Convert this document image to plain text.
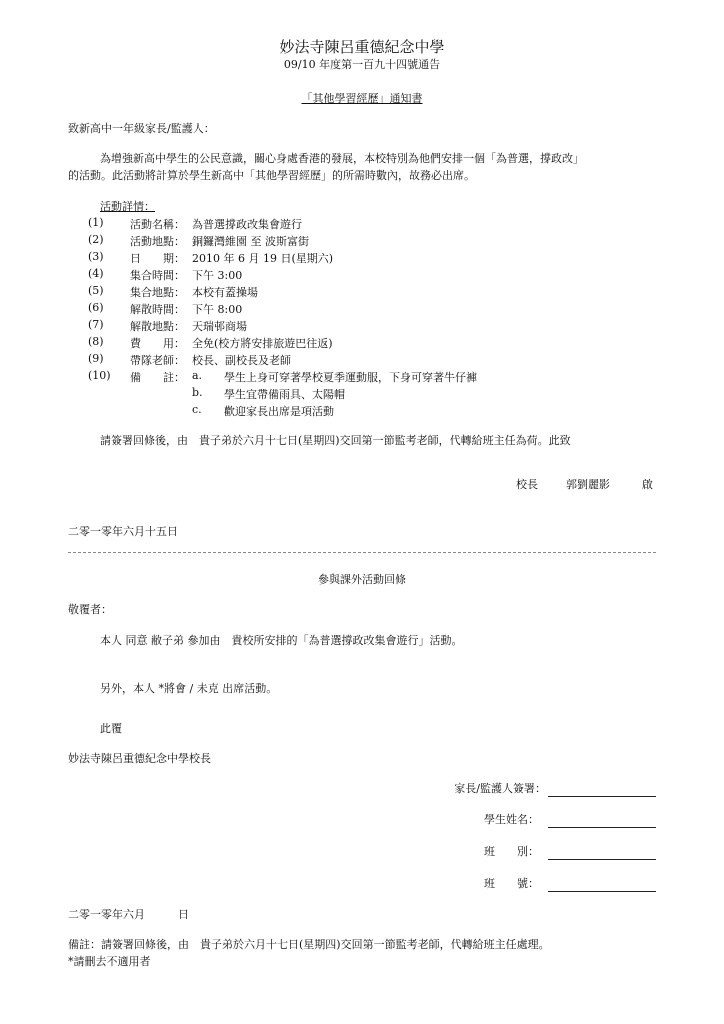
妙法寺陳呂重德紀念中學
09/10 年度第一百九十四號通告
「其他學習經歷」通知書
致新高中一年級家長/監護人：
為增強新高中學生的公民意識，關心身處香港的發展，本校特別為他們安排一個「為普選，撐政改」
的活動。此活動將計算於學生新高中「其他學習經歷」的所需時數內，故務必出席。
活動詳情：
(1) 活動名稱： 為普選撐政改集會遊行
(2) 活動地點： 銅鑼灣維園 至 波斯富街
(3) 日　　期： 2010 年 6 月 19 日(星期六)
(4) 集合時間： 下午 3:00
(5) 集合地點： 本校有蓋操場
(6) 解散時間： 下午 8:00
(7) 解散地點： 天瑞邨商場
(8) 費　　用： 全免(校方將安排旅遊巴往返)
(9) 帶隊老師： 校長、副校長及老師
(10) 備　　註： a. 學生上身可穿著學校夏季運動服，下身可穿著牛仔褲
b. 學生宜帶備雨具、太陽帽
c. 歡迎家長出席是項活動
請簽署回條後，由　貴子弟於六月十七日(星期四)交回第一節監考老師，代轉給班主任為荷。此致
校長	郭劉麗影	啟
二零一零年六月十五日
參與課外活動回條
敬覆者：
本人 同意 敝子弟 參加由　貴校所安排的「為普選撐政改集會遊行」活動。
另外，本人 *將會 / 未克 出席活動。
此覆
妙法寺陳呂重德紀念中學校長
家長/監護人簽署：
學生姓名：
班　　別：
班　　號：
二零一零年六月　　　日
備註：請簽署回條後，由　貴子弟於六月十七日(星期四)交回第一節監考老師，代轉給班主任處理。
*請刪去不適用者
